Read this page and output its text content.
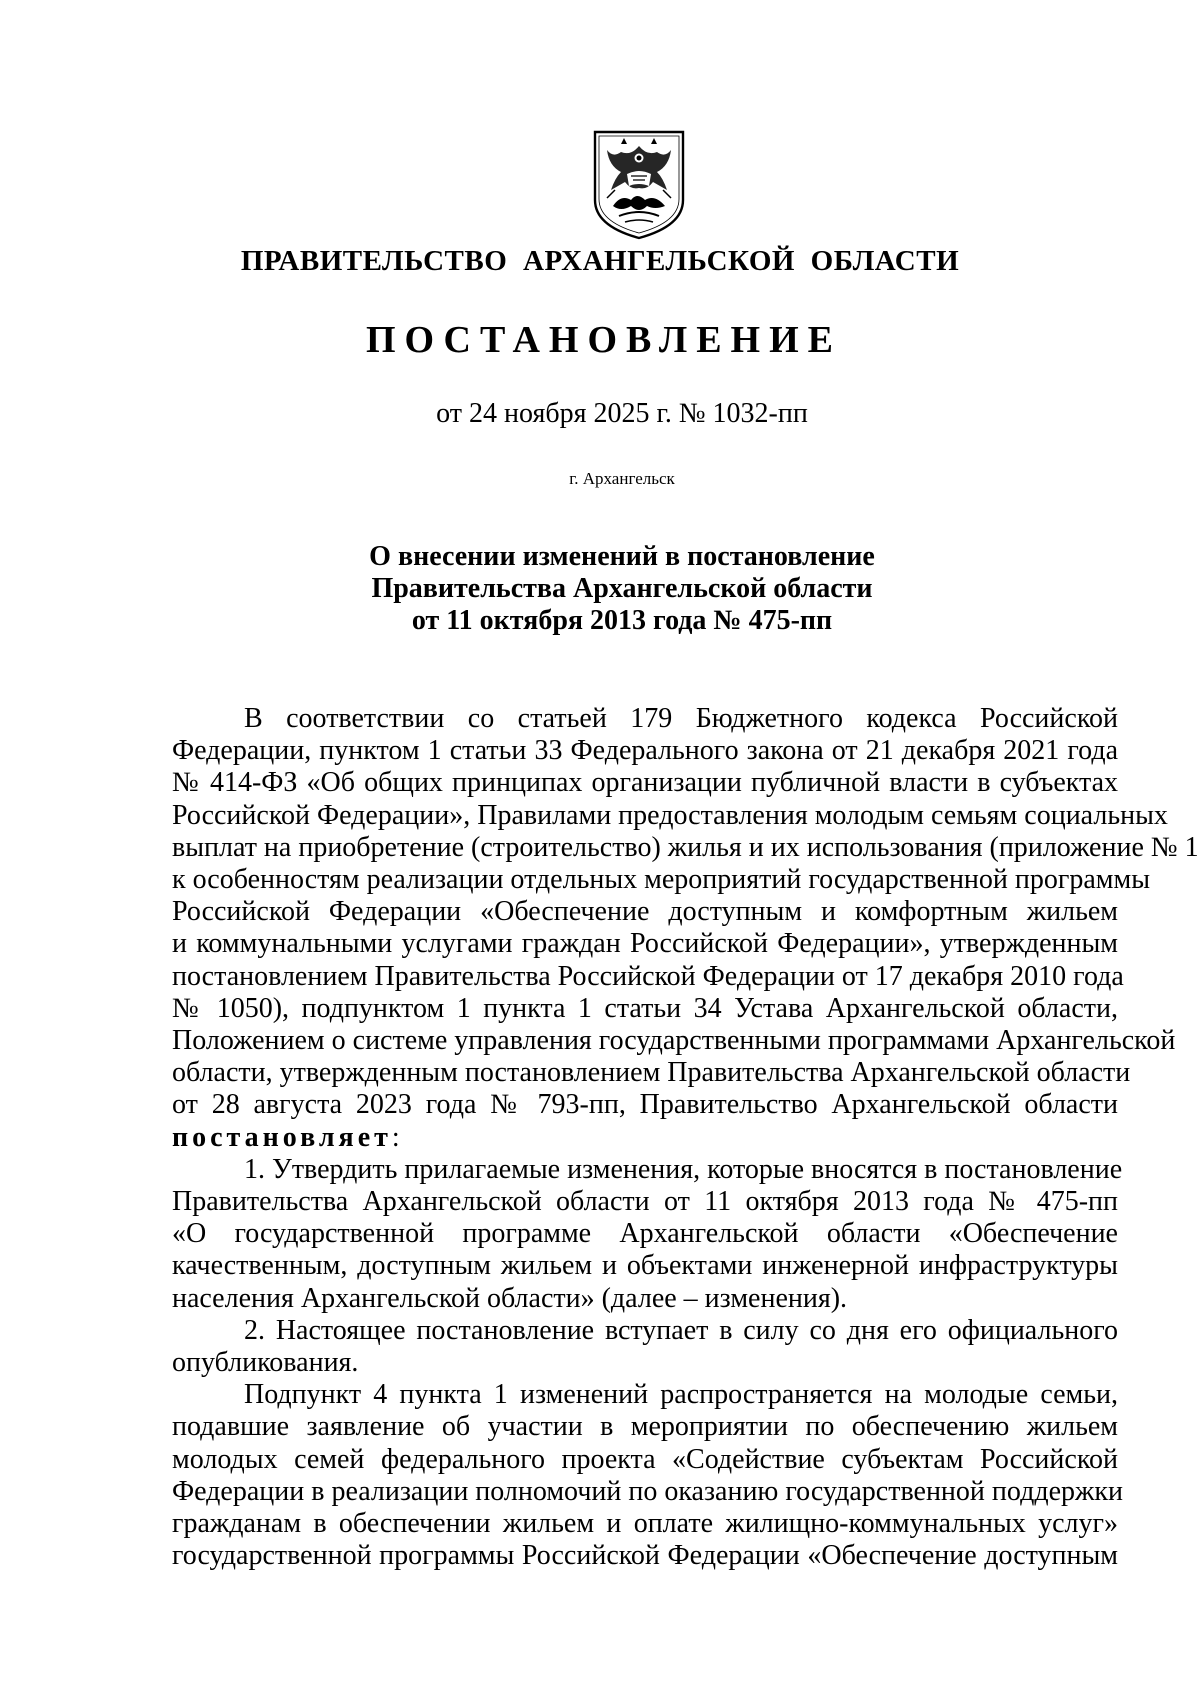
ПРАВИТЕЛЬСТВО АРХАНГЕЛЬСКОЙ ОБЛАСТИ
ПОСТАНОВЛЕНИЕ
от 24 ноября 2025 г. № 1032-пп
г. Архангельск
О внесении изменений в постановление
Правительства Архангельской области
от 11 октября 2013 года № 475-пп
В соответствии со статьей 179 Бюджетного кодекса Российской
Федерации, пунктом 1 статьи 33 Федерального закона от 21 декабря 2021 года
№ 414-ФЗ «Об общих принципах организации публичной власти в субъектах
Российской Федерации», Правилами предоставления молодым семьям социальных
выплат на приобретение (строительство) жилья и их использования (приложение № 1
к особенностям реализации отдельных мероприятий государственной программы
Российской Федерации «Обеспечение доступным и комфортным жильем
и коммунальными услугами граждан Российской Федерации», утвержденным
постановлением Правительства Российской Федерации от 17 декабря 2010 года
№ 1050), подпунктом 1 пункта 1 статьи 34 Устава Архангельской области,
Положением о системе управления государственными программами Архангельской
области, утвержденным постановлением Правительства Архангельской области
от 28 августа 2023 года № 793-пп, Правительство Архангельской области
постановляет:
1. Утвердить прилагаемые изменения, которые вносятся в постановление
Правительства Архангельской области от 11 октября 2013 года № 475-пп
«О государственной программе Архангельской области «Обеспечение
качественным, доступным жильем и объектами инженерной инфраструктуры
населения Архангельской области» (далее – изменения).
2. Настоящее постановление вступает в силу со дня его официального
опубликования.
Подпункт 4 пункта 1 изменений распространяется на молодые семьи,
подавшие заявление об участии в мероприятии по обеспечению жильем
молодых семей федерального проекта «Содействие субъектам Российской
Федерации в реализации полномочий по оказанию государственной поддержки
гражданам в обеспечении жильем и оплате жилищно-коммунальных услуг»
государственной программы Российской Федерации «Обеспечение доступным
